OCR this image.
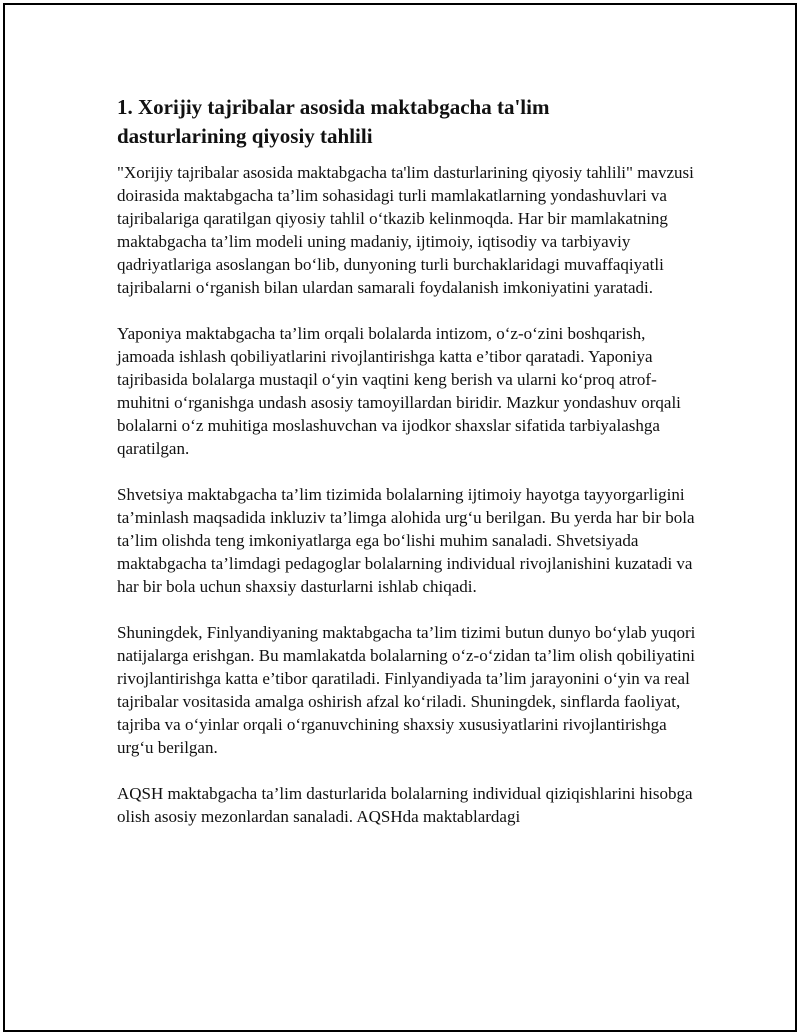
1. Xorijiy tajribalar asosida maktabgacha ta'lim
dasturlarining qiyosiy tahlili

"Xorijiy tajribalar asosida maktabgacha ta'lim dasturlarining qiyosiy tahlili" mavzusi doirasida maktabgacha ta’lim sohasidagi turli mamlakatlarning yondashuvlari va tajribalariga qaratilgan qiyosiy tahlil o‘tkazib kelinmoqda. Har bir mamlakatning maktabgacha ta’lim modeli uning madaniy, ijtimoiy, iqtisodiy va tarbiyaviy qadriyatlariga asoslangan bo‘lib, dunyoning turli burchaklaridagi muvaffaqiyatli tajribalarni o‘rganish bilan ulardan samarali foydalanish imkoniyatini yaratadi.

Yaponiya maktabgacha ta’lim orqali bolalarda intizom, o‘z-o‘zini boshqarish, jamoada ishlash qobiliyatlarini rivojlantirishga katta e’tibor qaratadi. Yaponiya tajribasida bolalarga mustaqil o‘yin vaqtini keng berish va ularni ko‘proq atrof-muhitni o‘rganishga undash asosiy tamoyillardan biridir. Mazkur yondashuv orqali bolalarni o‘z muhitiga moslashuvchan va ijodkor shaxslar sifatida tarbiyalashga qaratilgan.

Shvetsiya maktabgacha ta’lim tizimida bolalarning ijtimoiy hayotga tayyorgarligini ta’minlash maqsadida inkluziv ta’limga alohida urg‘u berilgan. Bu yerda har bir bola ta’lim olishda teng imkoniyatlarga ega bo‘lishi muhim sanaladi. Shvetsiyada maktabgacha ta’limdagi pedagoglar bolalarning individual rivojlanishini kuzatadi va har bir bola uchun shaxsiy dasturlarni ishlab chiqadi.

Shuningdek, Finlyandiyaning maktabgacha ta’lim tizimi butun dunyo bo‘ylab yuqori natijalarga erishgan. Bu mamlakatda bolalarning o‘z-o‘zidan ta’lim olish qobiliyatini rivojlantirishga katta e’tibor qaratiladi. Finlyandiyada ta’lim jarayonini o‘yin va real tajribalar vositasida amalga oshirish afzal ko‘riladi. Shuningdek, sinflarda faoliyat, tajriba va o‘yinlar orqali o‘rganuvchining shaxsiy xususiyatlarini rivojlantirishga urg‘u berilgan.

AQSH maktabgacha ta’lim dasturlarida bolalarning individual qiziqishlarini hisobga olish asosiy mezonlardan sanaladi. AQSHda maktablardagi
